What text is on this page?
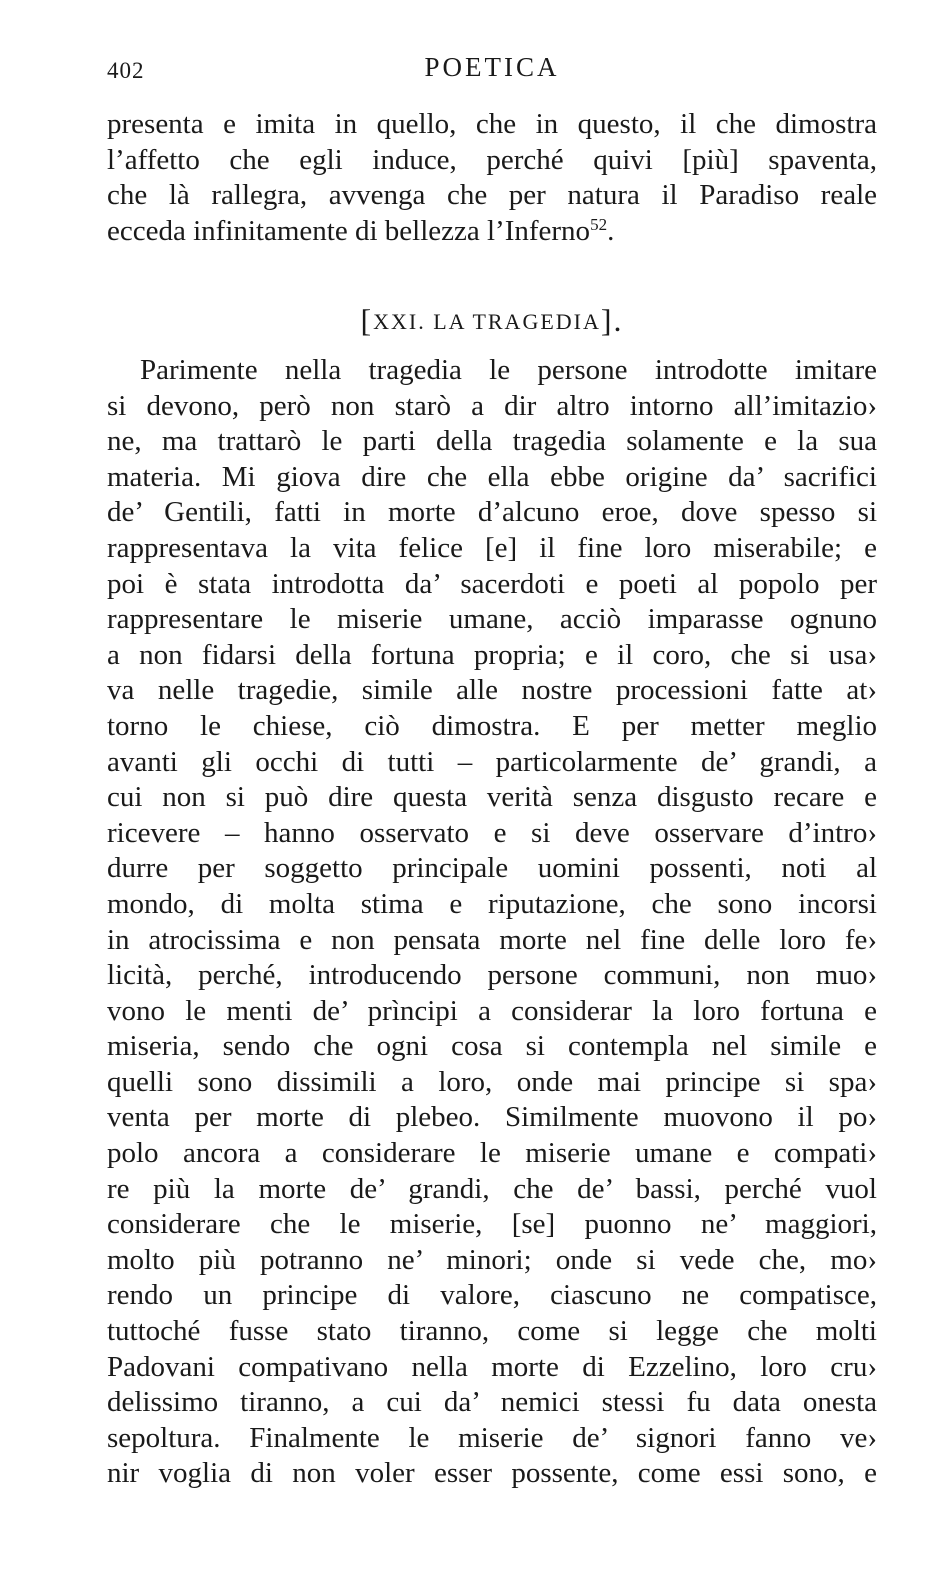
402	POETICA
presenta e imita in quello, che in questo, il che dimostra
l’affetto che egli induce, perché quivi [più] spaventa,
che là rallegra, avvenga che per natura il Paradiso reale
ecceda infinitamente di bellezza l’Inferno$^{52}$.
[XXI. LA TRAGEDIA].
Parimente nella tragedia le persone introdotte imitare
si devono, però non starò a dir altro intorno all’imitazio›
ne, ma trattarò le parti della tragedia solamente e la sua
materia. Mi giova dire che ella ebbe origine da’ sacrifici
de’ Gentili, fatti in morte d’alcuno eroe, dove spesso si
rappresentava la vita felice [e] il fine loro miserabile; e
poi è stata introdotta da’ sacerdoti e poeti al popolo per
rappresentare le miserie umane, acciò imparasse ognuno
a non fidarsi della fortuna propria; e il coro, che si usa›
va nelle tragedie, simile alle nostre processioni fatte at›
torno le chiese, ciò dimostra. E per metter meglio
avanti gli occhi di tutti – particolarmente de’ grandi, a
cui non si può dire questa verità senza disgusto recare e
ricevere – hanno osservato e si deve osservare d’intro›
durre per soggetto principale uomini possenti, noti al
mondo, di molta stima e riputazione, che sono incorsi
in atrocissima e non pensata morte nel fine delle loro fe›
licità, perché, introducendo persone communi, non muo›
vono le menti de’ prìncipi a considerar la loro fortuna e
miseria, sendo che ogni cosa si contempla nel simile e
quelli sono dissimili a loro, onde mai principe si spa›
venta per morte di plebeo. Similmente muovono il po›
polo ancora a considerare le miserie umane e compati›
re più la morte de’ grandi, che de’ bassi, perché vuol
considerare che le miserie, [se] puonno ne’ maggiori,
molto più potranno ne’ minori; onde si vede che, mo›
rendo un principe di valore, ciascuno ne compatisce,
tuttoché fusse stato tiranno, come si legge che molti
Padovani compativano nella morte di Ezzelino, loro cru›
delissimo tiranno, a cui da’ nemici stessi fu data onesta
sepoltura. Finalmente le miserie de’ signori fanno ve›
nir voglia di non voler esser possente, come essi sono, e
